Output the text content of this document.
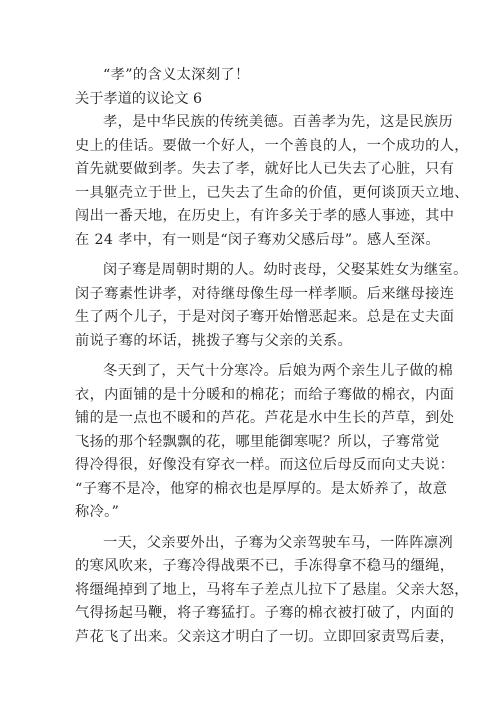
“孝”的含义太深刻了！
关于孝道的议论文 6
孝，是中华民族的传统美德。百善孝为先，这是民族历
史上的佳话。要做一个好人，一个善良的人，一个成功的人，
首先就要做到孝。失去了孝，就好比人已失去了心脏，只有
一具躯壳立于世上，已失去了生命的价值，更何谈顶天立地、
闯出一番天地，在历史上，有许多关于孝的感人事迹，其中
在 24 孝中，有一则是“闵子骞劝父感后母”。感人至深。
闵子骞是周朝时期的人。幼时丧母，父娶某姓女为继室。
闵子骞素性讲孝，对待继母像生母一样孝顺。后来继母接连
生了两个儿子，于是对闵子骞开始憎恶起来。总是在丈夫面
前说子骞的坏话，挑拨子骞与父亲的关系。
冬天到了，天气十分寒冷。后娘为两个亲生儿子做的棉
衣，内面铺的是十分暖和的棉花；而给子骞做的棉衣，内面
铺的是一点也不暖和的芦花。芦花是水中生长的芦草，到处
飞扬的那个轻飘飘的花，哪里能御寒呢？所以，子骞常觉
得冷得很，好像没有穿衣一样。而这位后母反而向丈夫说：
“子骞不是冷，他穿的棉衣也是厚厚的。是太娇养了，故意
称冷。”
一天，父亲要外出，子骞为父亲驾驶车马，一阵阵凛冽
的寒风吹来，子骞冷得战栗不已，手冻得拿不稳马的缰绳，
将缰绳掉到了地上，马将车子差点儿拉下了悬崖。父亲大怒，
气得扬起马鞭，将子骞猛打。子骞的棉衣被打破了，内面的
芦花飞了出来。父亲这才明白了一切。立即回家责骂后妻，
